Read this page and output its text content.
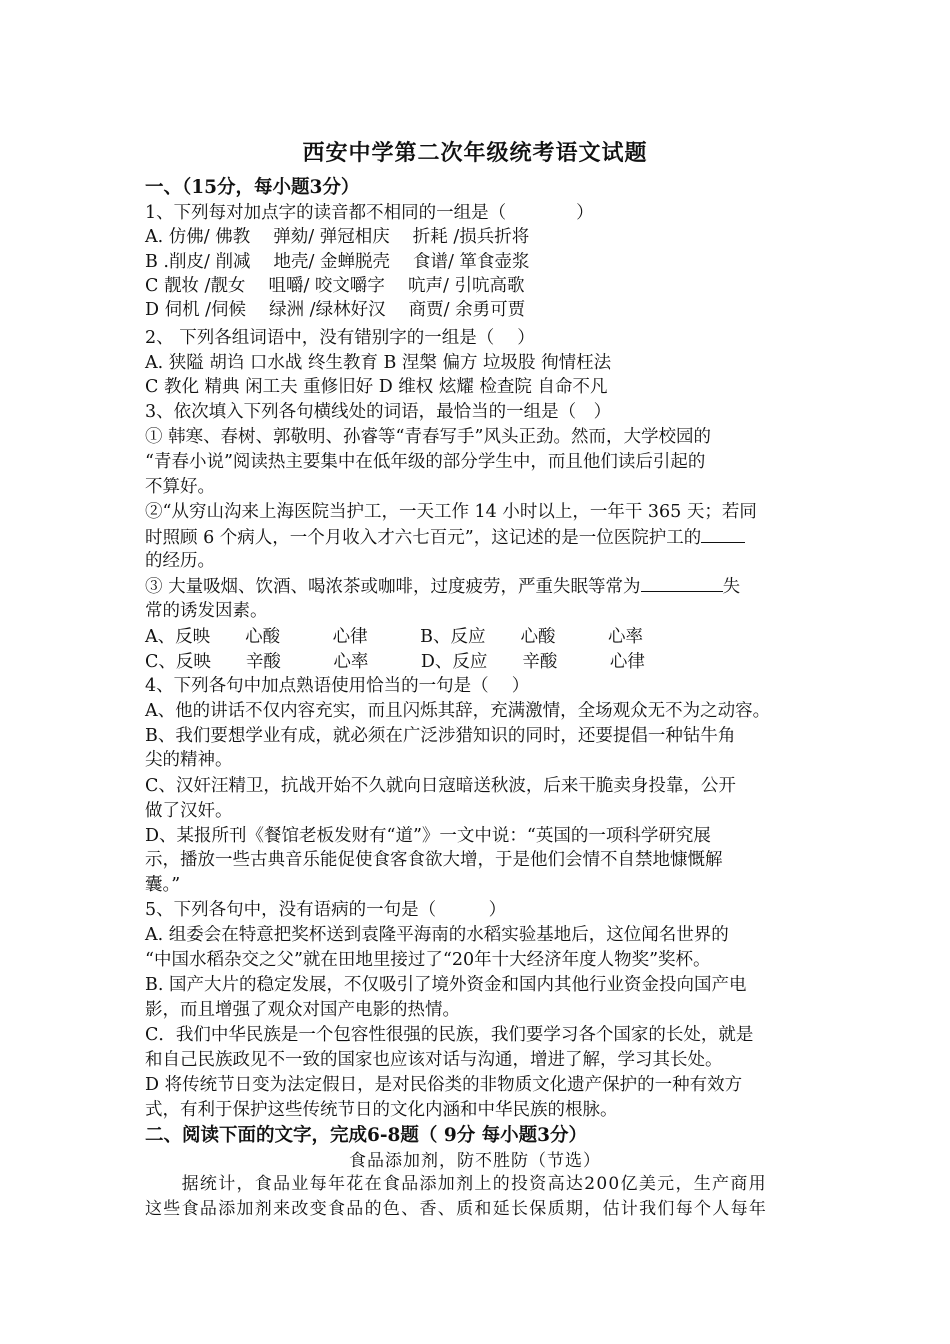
西安中学第二次年级统考语文试题
一、（15分，每小题3分）
1、下列每对加点字的读音都不相同的一组是（　　　　）
A. 仿佛/ 佛教　 弹劾/ 弹冠相庆　 折耗 /损兵折将
B .削皮/ 削减　 地壳/ 金蝉脱壳　 食谱/ 箪食壶浆
C 靓妆 /靓女　 咀嚼/ 咬文嚼字　 吭声/ 引吭高歌
D 伺机 /伺候　 绿洲 /绿林好汉　 商贾/ 余勇可贾
2、 下列各组词语中，没有错别字的一组是（　 ）
A. 狭隘 胡诌 口水战 终生教育 B 涅槃 偏方 垃圾股 徇情枉法
C 教化 精典 闲工夫 重修旧好 D 维权 炫耀 检查院 自命不凡
3、依次填入下列各句横线处的词语，最恰当的一组是（　）
① 韩寒、春树、郭敬明、孙睿等“青春写手”风头正劲。然而，大学校园的
“青春小说”阅读热主要集中在低年级的部分学生中，而且他们读后引起的
不算好。
②“从穷山沟来上海医院当护工，一天工作 14 小时以上，一年干 365 天；若同
时照顾 6 个病人，一个月收入才六七百元”，这记述的是一位医院护工的
的经历。
③ 大量吸烟、饮酒、喝浓茶或咖啡，过度疲劳，严重失眠等常为	失
常的诱发因素。
A、反映　　心酸　　　心律　　　B、反应　　心酸　　　心率
C、反映　　辛酸　　　心率　　　D、反应　　辛酸　　　心律
4、下列各句中加点熟语使用恰当的一句是（　 ）
A、他的讲话不仅内容充实，而且闪烁其辞，充满激情，全场观众无不为之动容。
B、我们要想学业有成，就必须在广泛涉猎知识的同时，还要提倡一种钻牛角
尖的精神。
C、汉奸汪精卫，抗战开始不久就向日寇暗送秋波，后来干脆卖身投靠，公开
做了汉奸。
D、某报所刊《餐馆老板发财有“道”》一文中说：“英国的一项科学研究展
示，播放一些古典音乐能促使食客食欲大增，于是他们会情不自禁地慷慨解
囊。”
5、下列各句中，没有语病的一句是（　　　）
A. 组委会在特意把奖杯送到袁隆平海南的水稻实验基地后，这位闻名世界的
“中国水稻杂交之父”就在田地里接过了“20年十大经济年度人物奖”奖杯。
B. 国产大片的稳定发展，不仅吸引了境外资金和国内其他行业资金投向国产电
影，而且增强了观众对国产电影的热情。
C．我们中华民族是一个包容性很强的民族，我们要学习各个国家的长处，就是
和自己民族政见不一致的国家也应该对话与沟通，增进了解，学习其长处。
D 将传统节日变为法定假日，是对民俗类的非物质文化遗产保护的一种有效方
式，有利于保护这些传统节日的文化内涵和中华民族的根脉。
二、阅读下面的文字，完成6-8题（ 9分 每小题3分）
食品添加剂，防不胜防（节选）
　　据统计，食品业每年花在食品添加剂上的投资高达200亿美元，生产商用
这些食品添加剂来改变食品的色、香、质和延长保质期，估计我们每个人每年
